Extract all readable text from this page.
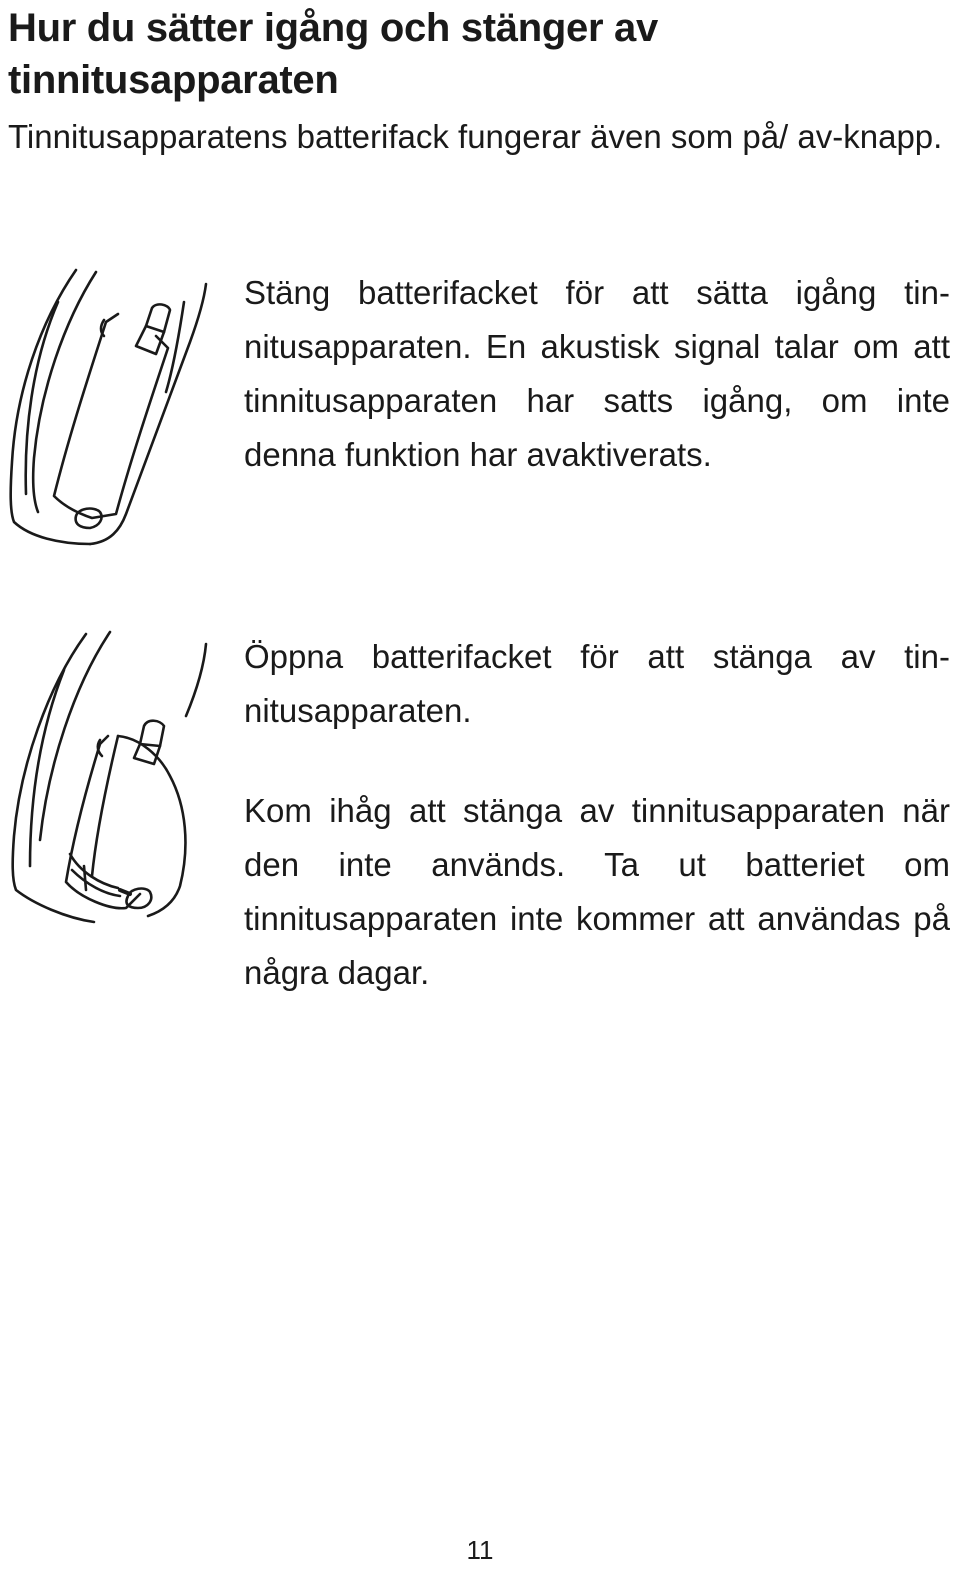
Hur du sätter igång och stänger av tinnitusapparaten

Tinnitusapparatens batterifack fungerar även som på/ av-knapp.

Stäng batterifacket för att sätta igång tinnitusapparaten. En akustisk signal talar om att tinnitusapparaten har satts igång, om inte denna funktion har avaktiverats.

Öppna batterifacket för att stänga av tinnitusapparaten.

Kom ihåg att stänga av tinnitusapparaten när den inte används. Ta ut batteriet om tinnitusapparaten inte kommer att användas på några dagar.

11
